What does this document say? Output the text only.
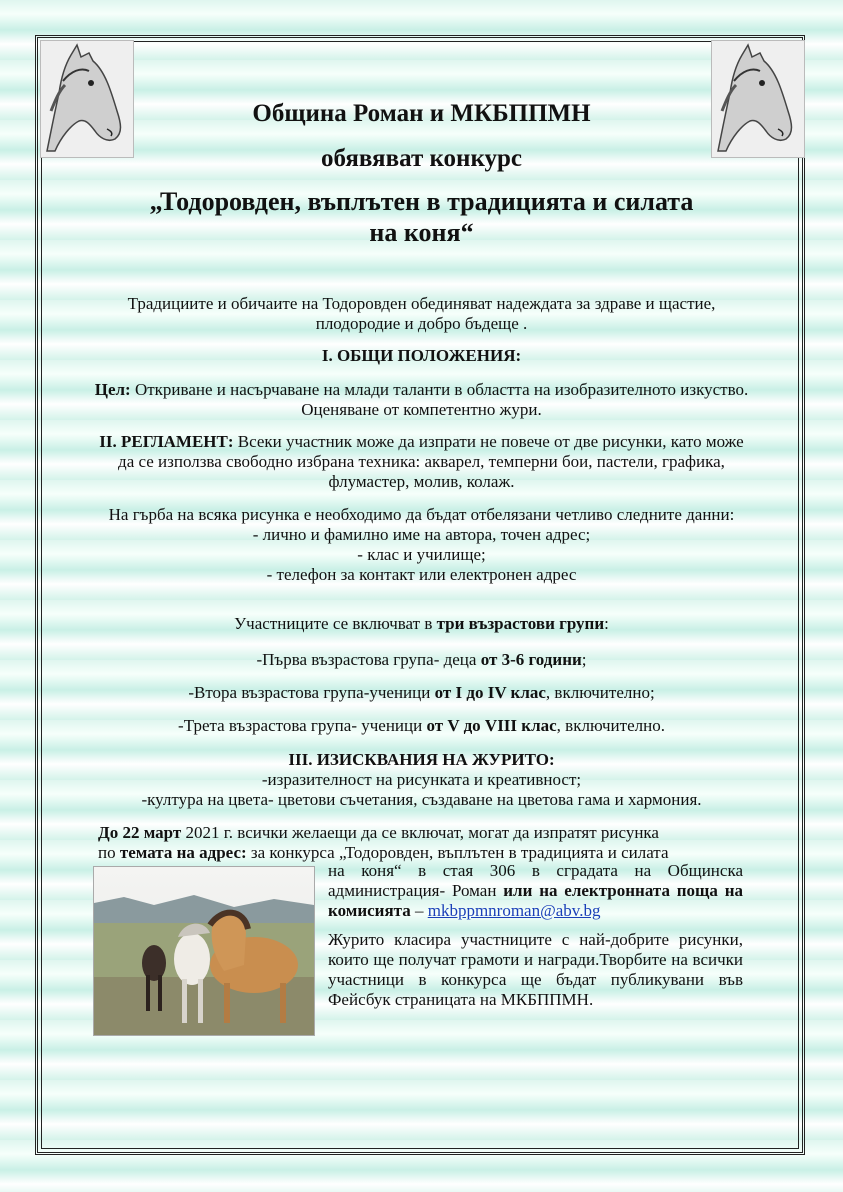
Община Роман и МКБППМН

обявяват конкурс

„Тодоровден, въплътен в традицията и силата на коня“

Традициите и обичаите на Тодоровден обединяват надеждата за здраве и щастие, плодородие и добро бъдеще .

I. ОБЩИ ПОЛОЖЕНИЯ:

Цел: Откриване и насърчаване на млади таланти в областта на изобразителното изкуство. Оценяване от компетентно жури.

II. РЕГЛАМЕНТ: Всеки участник може да изпрати не повече от две рисунки, като може да се използва свободно избрана техника: акварел, темперни бои, пастели, графика, флумастер, молив, колаж.

На гърба на всяка рисунка е необходимо да бъдат отбелязани четливо следните данни:
- лично и фамилно име на автора, точен адрес;
- клас и училище;
- телефон за контакт или електронен адрес

Участниците се включват в три възрастови групи:

-Първа възрастова група- деца от 3-6 години;

-Втора възрастова група-ученици от I до IV клас, включително;

-Трета възрастова група- ученици от V до VIII клас, включително.

III. ИЗИСКВАНИЯ НА ЖУРИТО:

-изразителност на рисунката и креативност;

-култура на цвета- цветови съчетания, създаване на цветова гама и хармония.

До 22 март 2021 г. всички желаещи да се включат, могат да изпратят рисунка
по темата на адрес: за конкурса „Тодоровден, въплътен в традицията и силата

на коня“ в стая 306 в сградата на Общинска администрация- Роман или на електронната поща на комисията – mkbppmnroman@abv.bg

Журито класира участниците с най-добрите рисунки, които ще получат грамоти и награди.Творбите на всички участници в конкурса ще бъдат публикувани във Фейсбук страницата на МКБППМН.
